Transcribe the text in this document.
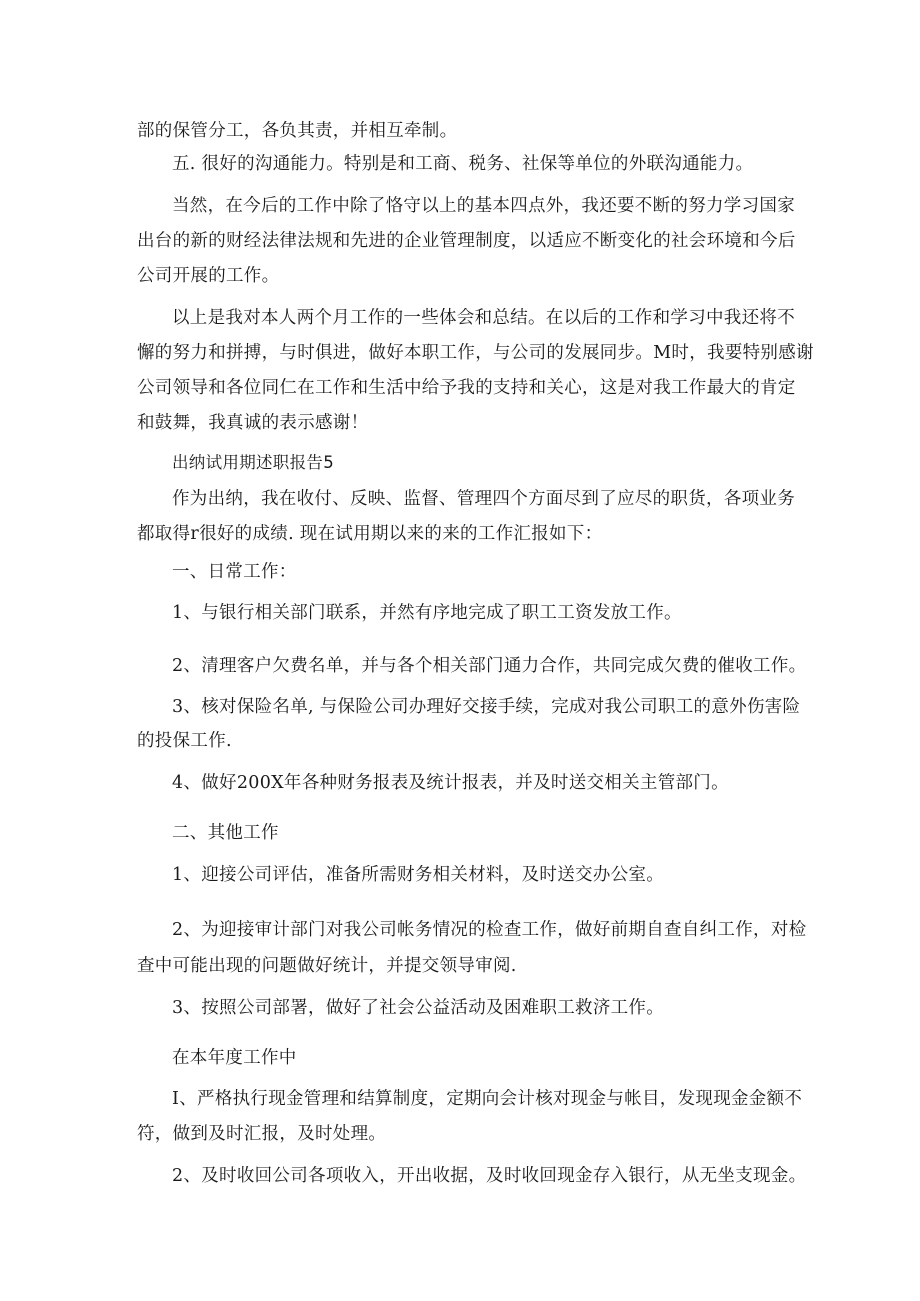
部的保管分工，各负其责，并相互牵制。
五. 很好的沟通能力。特别是和工商、税务、社保等单位的外联沟通能力。
当然，在今后的工作中除了恪守以上的基本四点外，我还要不断的努力学习国家
出台的新的财经法律法规和先进的企业管理制度，以适应不断变化的社会环境和今后
公司开展的工作。
以上是我对本人两个月工作的一些体会和总结。在以后的工作和学习中我还将不
懈的努力和拼搏，与时俱进，做好本职工作，与公司的发展同步。M时，我要特别感谢
公司领导和各位同仁在工作和生活中给予我的支持和关心，这是对我工作最大的肯定
和鼓舞，我真诚的表示感谢！
出纳试用期述职报告5
作为出纳，我在收付、反映、监督、管理四个方面尽到了应尽的职货，各项业务
都取得r很好的成绩. 现在试用期以来的来的工作汇报如下：
一、日常工作：
1、与银行相关部门联系，并然有序地完成了职工工资发放工作。
2、清理客户欠费名单，并与各个相关部门通力合作，共同完成欠费的催收工作。
3、核对保险名单, 与保险公司办理好交接手续，完成对我公司职工的意外伤害险
的投保工作.
4、做好200X年各种财务报表及统计报表，并及时送交相关主管部门。
二、其他工作
1、迎接公司评估，准备所需财务相关材料，及时送交办公室。
2、为迎接审计部门对我公司帐务情况的检查工作，做好前期自查自纠工作，对检
查中可能出现的问题做好统计，并提交领导审阅.
3、按照公司部署，做好了社会公益活动及困难职工救济工作。
在本年度工作中
I、严格执行现金管理和结算制度，定期向会计核对现金与帐目，发现现金金额不
符，做到及时汇报，及时处理。
2、及时收回公司各项收入，开出收据，及时收回现金存入银行，从无坐支现金。
